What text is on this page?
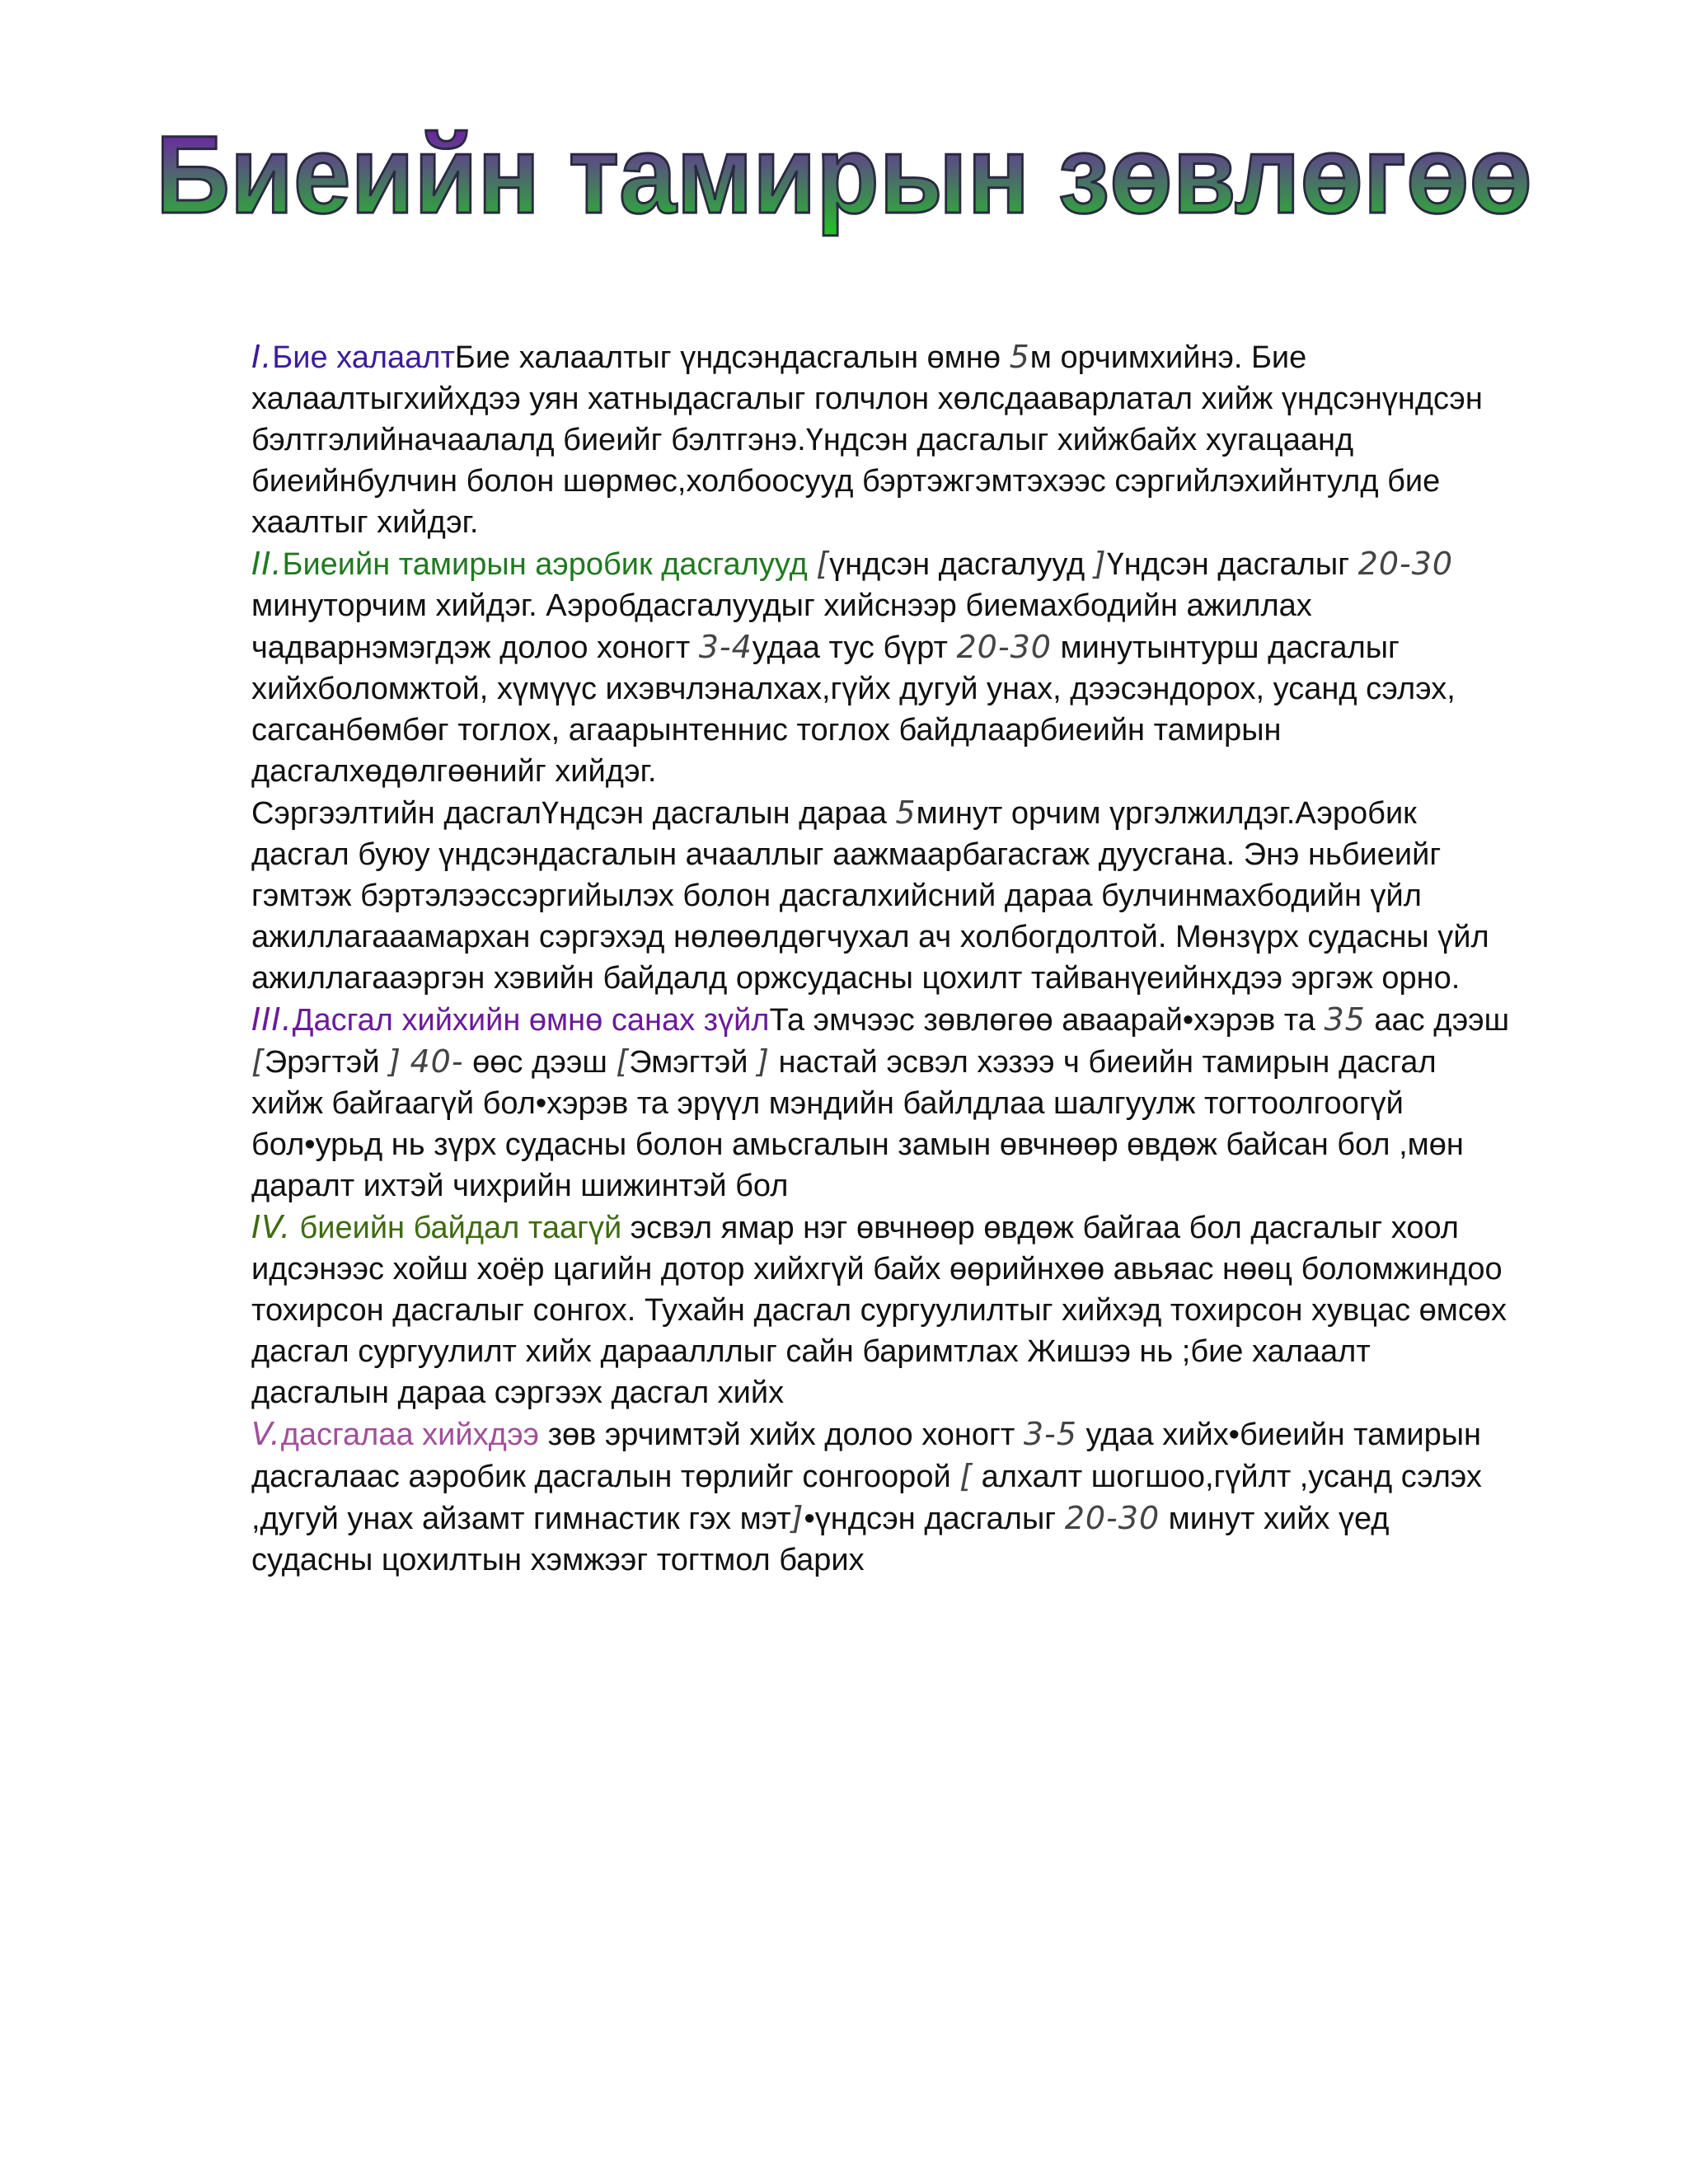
Биеийн тамирын зөвлөгөө

I.Бие халаалтБие халаалтыг үндсэндасгалын өмнө 5м орчимхийнэ. Бие халаалтыгхийхдээ уян хатныдасгалыг голчлон хөлсдааварлатал хийж үндсэнүндсэн бэлтгэлийначаалалд биеийг бэлтгэнэ.Үндсэн дасгалыг хийжбайх хугацаанд биеийнбулчин болон шөрмөс,холбоосууд бэртэжгэмтэхээс сэргийлэхийнтулд бие хаалтыг хийдэг.

II.Биеийн тамирын аэробик дасгалууд [үндсэн дасгалууд ]Үндсэн дасгалыг 20-30 минуторчим хийдэг. Аэробдасгалуудыг хийснээр биемахбодийн ажиллах чадварнэмэгдэж долоо хоногт 3-4удаа тус бүрт 20-30 минутынтурш дасгалыг хийхболомжтой, хүмүүс ихэвчлэналхах,гүйх дугуй унах, дээсэндорох, усанд сэлэх, сагсанбөмбөг тоглох, агаарынтеннис тоглох байдлаарбиеийн тамирын дасгалхөдөлгөөнийг хийдэг.

Сэргээлтийн дасгалҮндсэн дасгалын дараа 5минут орчим үргэлжилдэг.Аэробик дасгал буюу үндсэндасгалын ачааллыг аажмаарбагасгаж дуусгана. Энэ ньбиеийг гэмтэж бэртэлээссэргийылэх болон дасгалхийсний дараа булчинмахбодийн үйл ажиллагааамархан сэргэхэд нөлөөлдөгчухал ач холбогдолтой. Мөнзүрх судасны үйл ажиллагааэргэн хэвийн байдалд оржсудасны цохилт тайванүеийнхдээ эргэж орно.

III.Дасгал хийхийн өмнө санах зүйлТа эмчээс зөвлөгөө аваарай•хэрэв та 35 аас дээш [Эрэгтэй ] 40- өөс дээш [Эмэгтэй ] настай эсвэл хэзээ ч биеийн тамирын дасгал хийж байгаагүй бол•хэрэв та эрүүл мэндийн байлдлаа шалгуулж тогтоолгоогүй бол•урьд нь зүрх судасны болон амьсгалын замын өвчнөөр өвдөж байсан бол ,мөн даралт ихтэй чихрийн шижинтэй бол

IV. биеийн байдал таагүй эсвэл ямар нэг өвчнөөр өвдөж байгаа бол дасгалыг хоол идсэнээс хойш хоёр цагийн дотор хийхгүй байх өөрийнхөө авьяас нөөц боломжиндоо тохирсон дасгалыг сонгох. Тухайн дасгал сургуулилтыг хийхэд тохирсон хувцас өмсөх дасгал сургуулилт хийх дараалллыг сайн баримтлах Жишээ нь ;бие халаалт дасгалын дараа сэргээх дасгал хийх

V.дасгалаа хийхдээ зөв эрчимтэй хийх долоо хоногт 3-5 удаа хийх•биеийн тамирын дасгалаас аэробик дасгалын төрлийг сонгоорой [ алхалт шогшоо,гүйлт ,усанд сэлэх ,дугуй унах айзамт гимнастик гэх мэт]•үндсэн дасгалыг 20-30 минут хийх үед судасны цохилтын хэмжээг тогтмол барих
